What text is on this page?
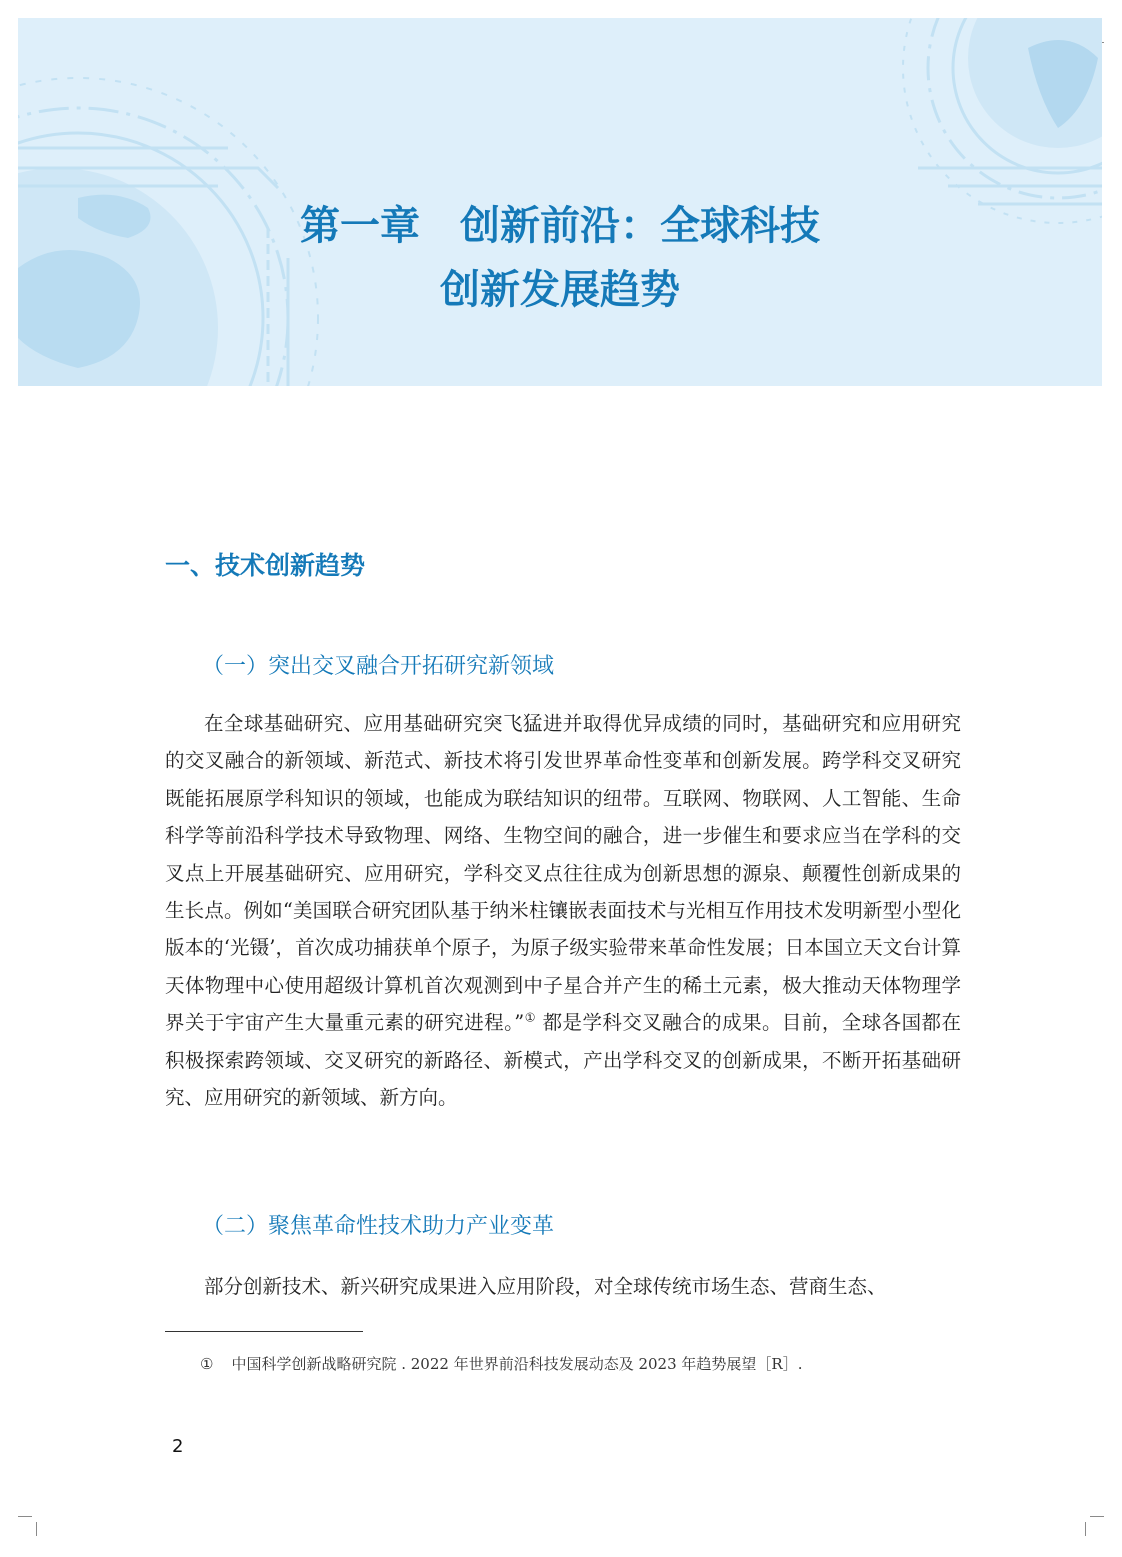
第一章　创新前沿：全球科技
创新发展趋势
一、技术创新趋势
（一）突出交叉融合开拓研究新领域

在全球基础研究、应用基础研究突飞猛进并取得优异成绩的同时，基础研究和应用研究的交叉融合的新领域、新范式、新技术将引发世界革命性变革和创新发展。跨学科交叉研究既能拓展原学科知识的领域，也能成为联结知识的纽带。互联网、物联网、人工智能、生命科学等前沿科学技术导致物理、网络、生物空间的融合，进一步催生和要求应当在学科的交叉点上开展基础研究、应用研究，学科交叉点往往成为创新思想的源泉、颠覆性创新成果的生长点。例如“美国联合研究团队基于纳米柱镶嵌表面技术与光相互作用技术发明新型小型化版本的‘光镊’，首次成功捕获单个原子，为原子级实验带来革命性发展；日本国立天文台计算天体物理中心使用超级计算机首次观测到中子星合并产生的稀土元素，极大推动天体物理学界关于宇宙产生大量重元素的研究进程。”① 都是学科交叉融合的成果。目前，全球各国都在积极探索跨领域、交叉研究的新路径、新模式，产出学科交叉的创新成果，不断开拓基础研究、应用研究的新领域、新方向。

（二）聚焦革命性技术助力产业变革

部分创新技术、新兴研究成果进入应用阶段，对全球传统市场生态、营商生态、

① 中国科学创新战略研究院 . 2022 年世界前沿科技发展动态及 2023 年趋势展望［R］.
2
